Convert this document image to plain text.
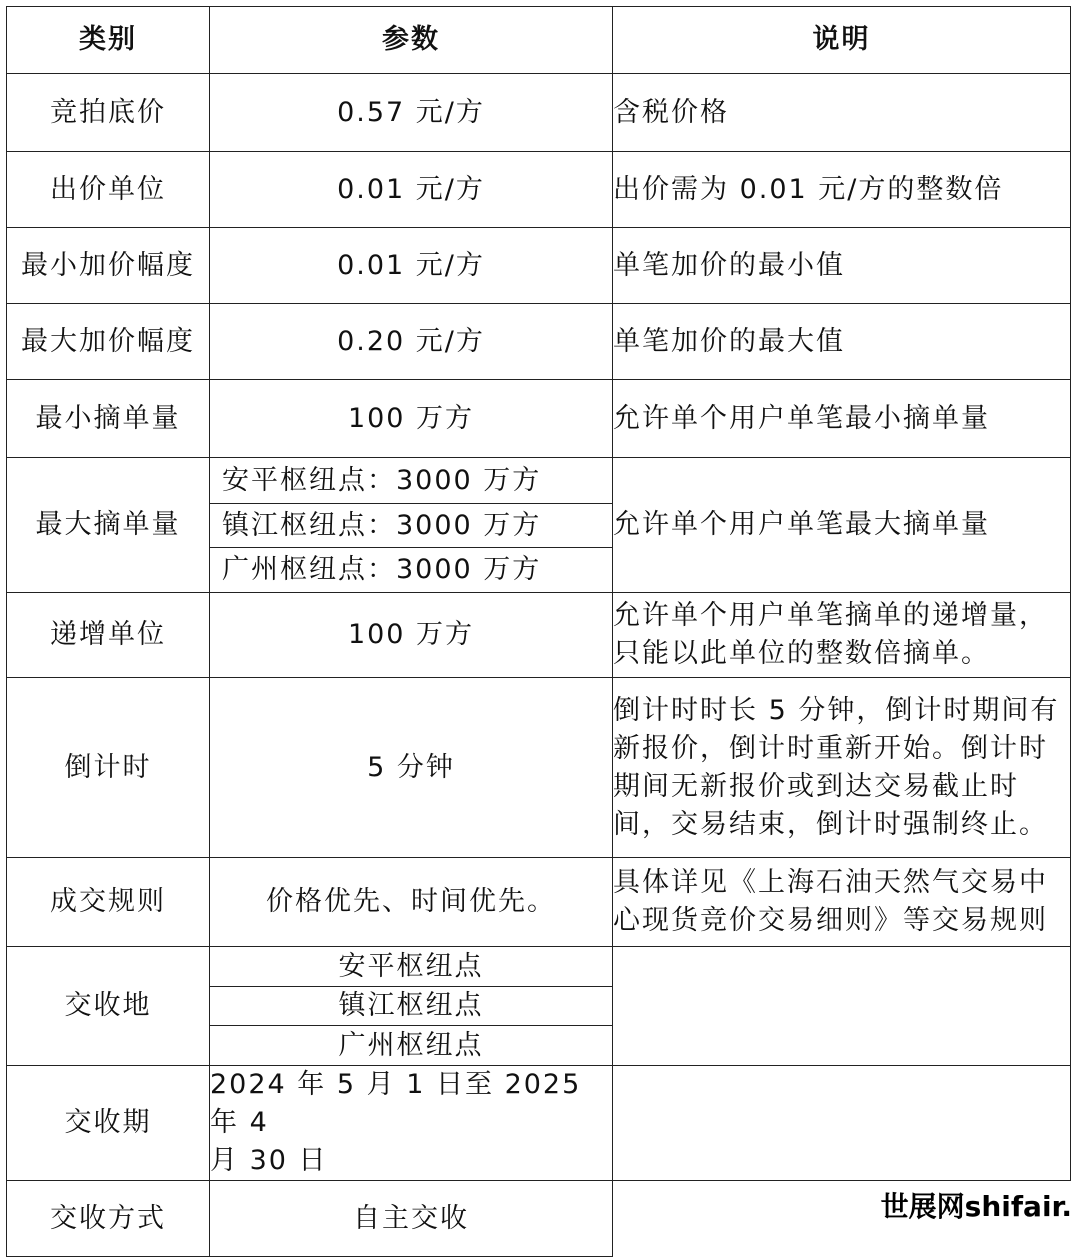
类别	参数	说明
竞拍底价	0.57 元/方	含税价格

出价单位	0.01 元/方	出价需为 0.01 元/方的整数倍

最小加价幅度	0.01 元/方	单笔加价的最小值

最大加价幅度	0.20 元/方	单笔加价的最大值

最小摘单量	100 万方	允许单个用户单笔最小摘单量

最大摘单量	安平枢纽点：3000 万方
镇江枢纽点：3000 万方
广州枢纽点：3000 万方	允许单个用户单笔最大摘单量

递增单位	100 万方	允许单个用户单笔摘单的递增量，
只能以此单位的整数倍摘单。

倒计时	5 分钟	倒计时时长 5 分钟，倒计时期间有
新报价，倒计时重新开始。倒计时
期间无新报价或到达交易截止时
间，交易结束，倒计时强制终止。

成交规则	价格优先、时间优先。	具体详见《上海石油天然气交易中
心现货竞价交易细则》等交易规则

交收地	安平枢纽点
镇江枢纽点
广州枢纽点	

交收期	2024 年 5 月 1 日至 2025 年 4
月 30 日	

交收方式	自主交收		世展网shifair.
